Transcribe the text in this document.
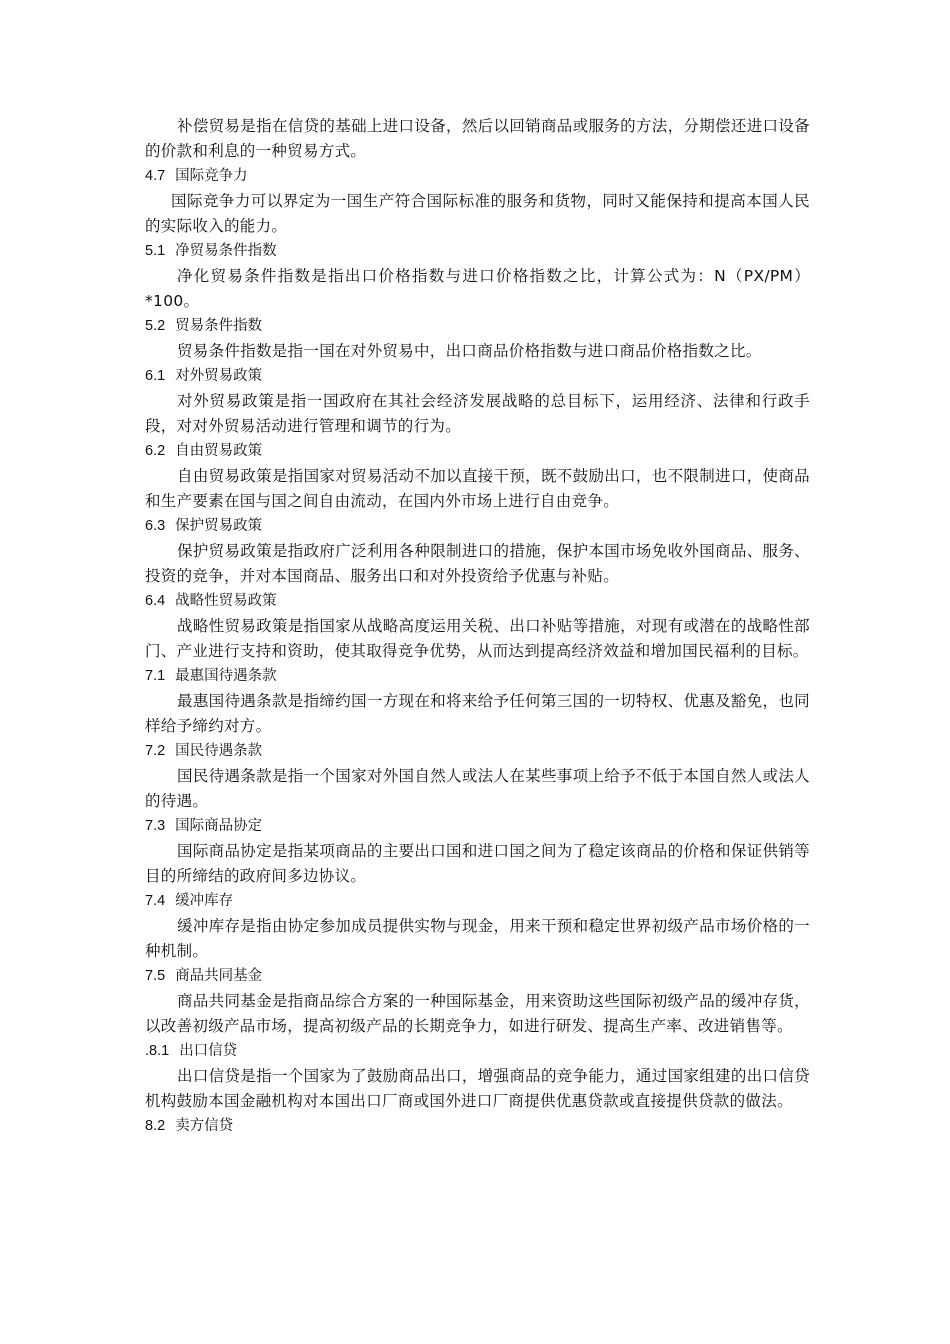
补偿贸易是指在信贷的基础上进口设备，然后以回销商品或服务的方法，分期偿还进口设备的价款和利息的一种贸易方式。

4.7 国际竞争力

国际竞争力可以界定为一国生产符合国际标准的服务和货物，同时又能保持和提高本国人民的实际收入的能力。

5.1 净贸易条件指数

净化贸易条件指数是指出口价格指数与进口价格指数之比，计算公式为：N（PX/PM）*100。

5.2 贸易条件指数

贸易条件指数是指一国在对外贸易中，出口商品价格指数与进口商品价格指数之比。

6.1 对外贸易政策

对外贸易政策是指一国政府在其社会经济发展战略的总目标下，运用经济、法律和行政手段，对对外贸易活动进行管理和调节的行为。

6.2 自由贸易政策

自由贸易政策是指国家对贸易活动不加以直接干预，既不鼓励出口，也不限制进口，使商品和生产要素在国与国之间自由流动，在国内外市场上进行自由竞争。

6.3 保护贸易政策

保护贸易政策是指政府广泛利用各种限制进口的措施，保护本国市场免收外国商品、服务、投资的竞争，并对本国商品、服务出口和对外投资给予优惠与补贴。

6.4 战略性贸易政策

战略性贸易政策是指国家从战略高度运用关税、出口补贴等措施，对现有或潜在的战略性部门、产业进行支持和资助，使其取得竞争优势，从而达到提高经济效益和增加国民福利的目标。

7.1 最惠国待遇条款

最惠国待遇条款是指缔约国一方现在和将来给予任何第三国的一切特权、优惠及豁免，也同样给予缔约对方。

7.2 国民待遇条款

国民待遇条款是指一个国家对外国自然人或法人在某些事项上给予不低于本国自然人或法人的待遇。

7.3 国际商品协定

国际商品协定是指某项商品的主要出口国和进口国之间为了稳定该商品的价格和保证供销等目的所缔结的政府间多边协议。

7.4 缓冲库存

缓冲库存是指由协定参加成员提供实物与现金，用来干预和稳定世界初级产品市场价格的一种机制。

7.5 商品共同基金

商品共同基金是指商品综合方案的一种国际基金，用来资助这些国际初级产品的缓冲存货，以改善初级产品市场，提高初级产品的长期竞争力，如进行研发、提高生产率、改进销售等。

.8.1 出口信贷

出口信贷是指一个国家为了鼓励商品出口，增强商品的竞争能力，通过国家组建的出口信贷机构鼓励本国金融机构对本国出口厂商或国外进口厂商提供优惠贷款或直接提供贷款的做法。

8.2 卖方信贷
